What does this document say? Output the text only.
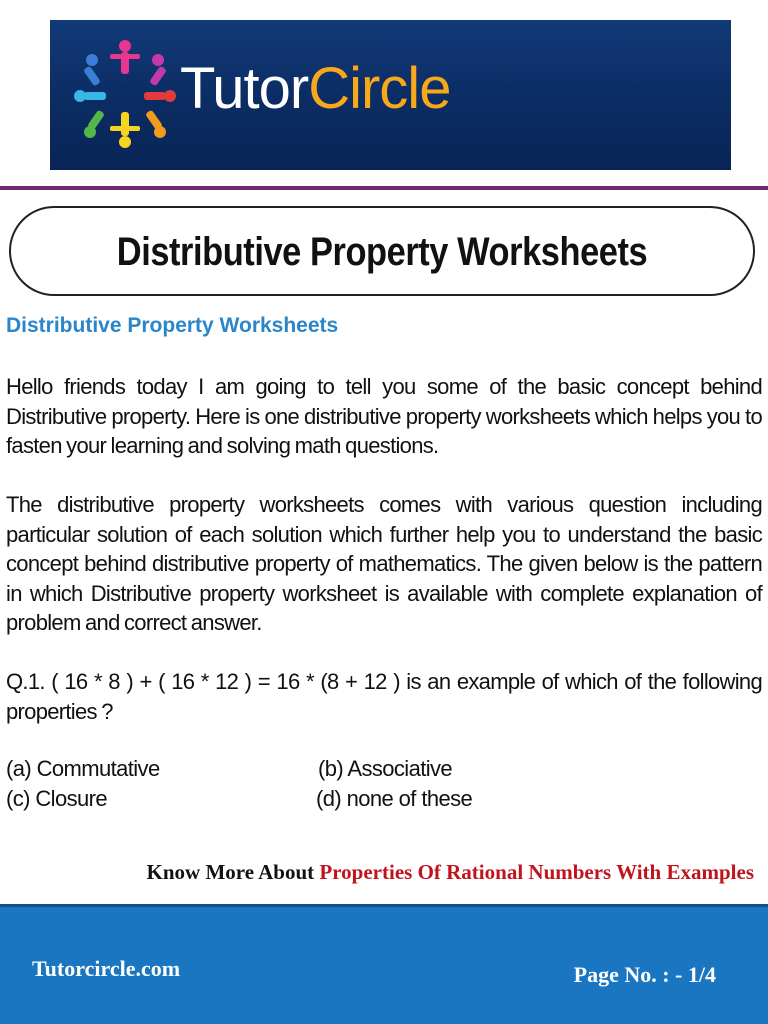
TutorCircle
Distributive Property Worksheets
Distributive Property Worksheets
Hello friends today I am going to tell you some of the basic concept behind Distributive property. Here is one distributive property worksheets which helps you to fasten your learning and solving math questions.
The distributive property worksheets comes with various question including particular solution of each solution which further help you to understand the basic concept behind distributive property of mathematics. The given below is the pattern in which Distributive property worksheet is available with complete explanation of problem and correct answer.
Q.1. ( 16 * 8 ) + ( 16 * 12 ) = 16 * (8 + 12 ) is an example of which of the following properties ?
(a) Commutative	(b) Associative
(c) Closure	(d) none of these
Know More About Properties Of Rational Numbers With Examples
Tutorcircle.com	Page No. : - 1/4
